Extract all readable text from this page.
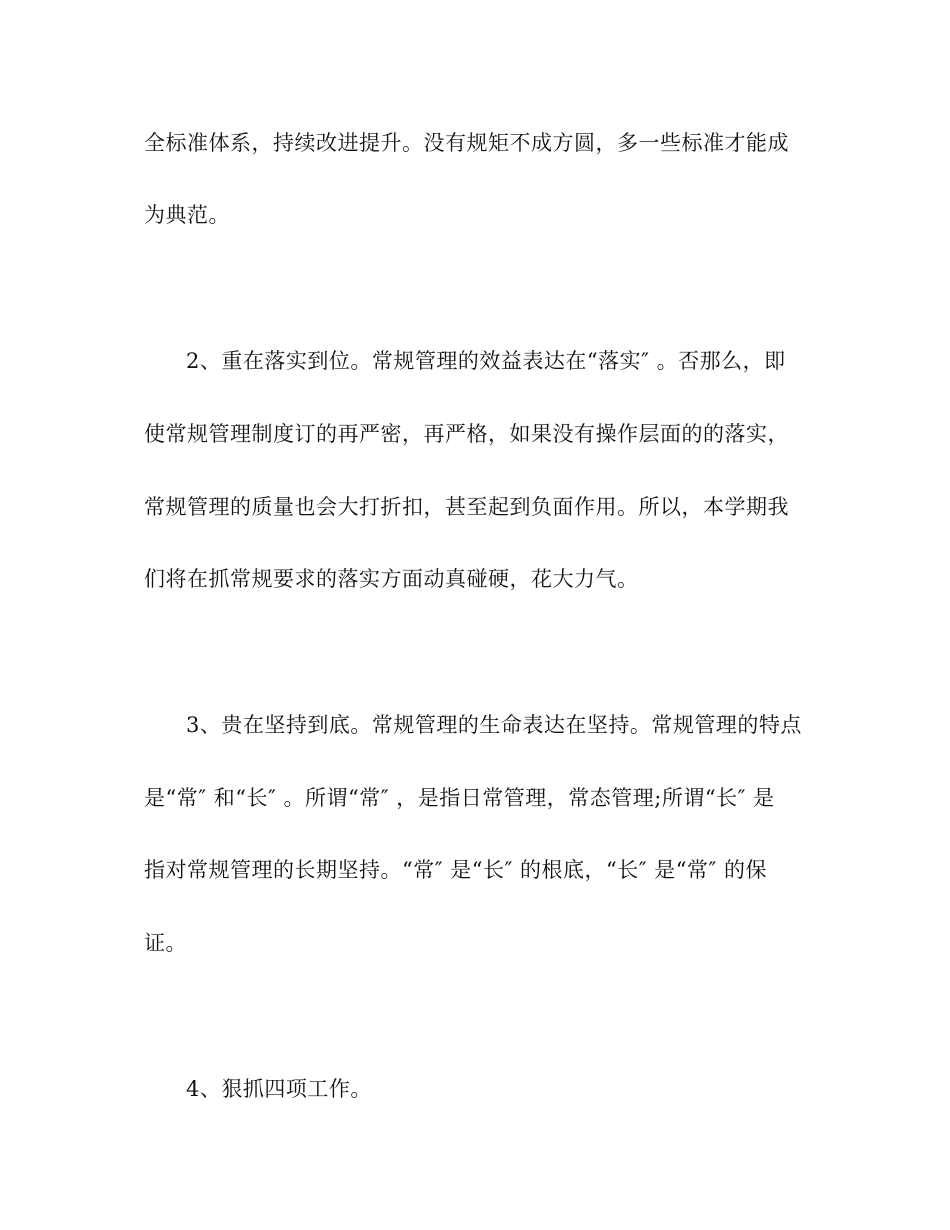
全标准体系，持续改进提升。没有规矩不成方圆，多一些标准才能成
为典范。
2、重在落实到位。常规管理的效益表达在“落实″ 。否那么，即
使常规管理制度订的再严密，再严格，如果没有操作层面的的落实，
常规管理的质量也会大打折扣，甚至起到负面作用。所以，本学期我
们将在抓常规要求的落实方面动真碰硬，花大力气。
3、贵在坚持到底。常规管理的生命表达在坚持。常规管理的特点
是“常″ 和“长″ 。所谓“常″ ，是指日常管理，常态管理;所谓“长″ 是
指对常规管理的长期坚持。“常″ 是“长″ 的根底，“长″ 是“常″ 的保
证。
4、狠抓四项工作。
